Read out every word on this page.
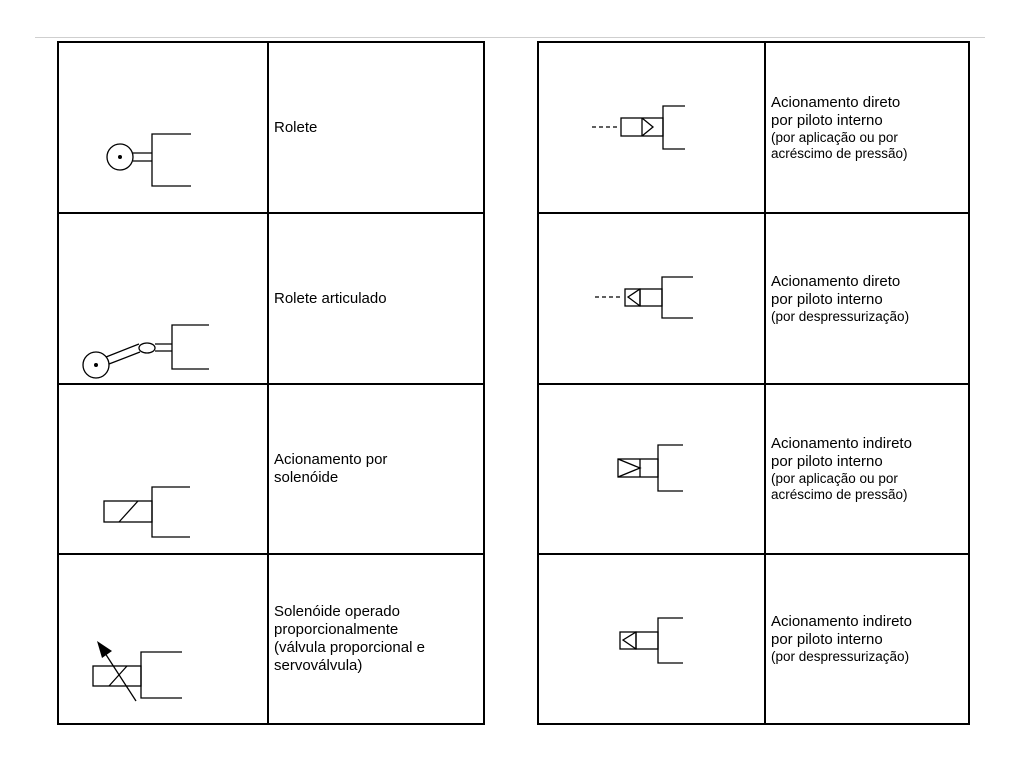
Rolete

Rolete articulado

Acionamento por
solenóide

Solenóide operado
proporcionalmente
(válvula proporcional e
servoválvula)

Acionamento direto
por piloto interno
(por aplicação ou por
acréscimo de pressão)

Acionamento direto
por piloto interno
(por despressurização)

Acionamento indireto
por piloto interno
(por aplicação ou por
acréscimo de pressão)

Acionamento indireto
por piloto interno
(por despressurização)
